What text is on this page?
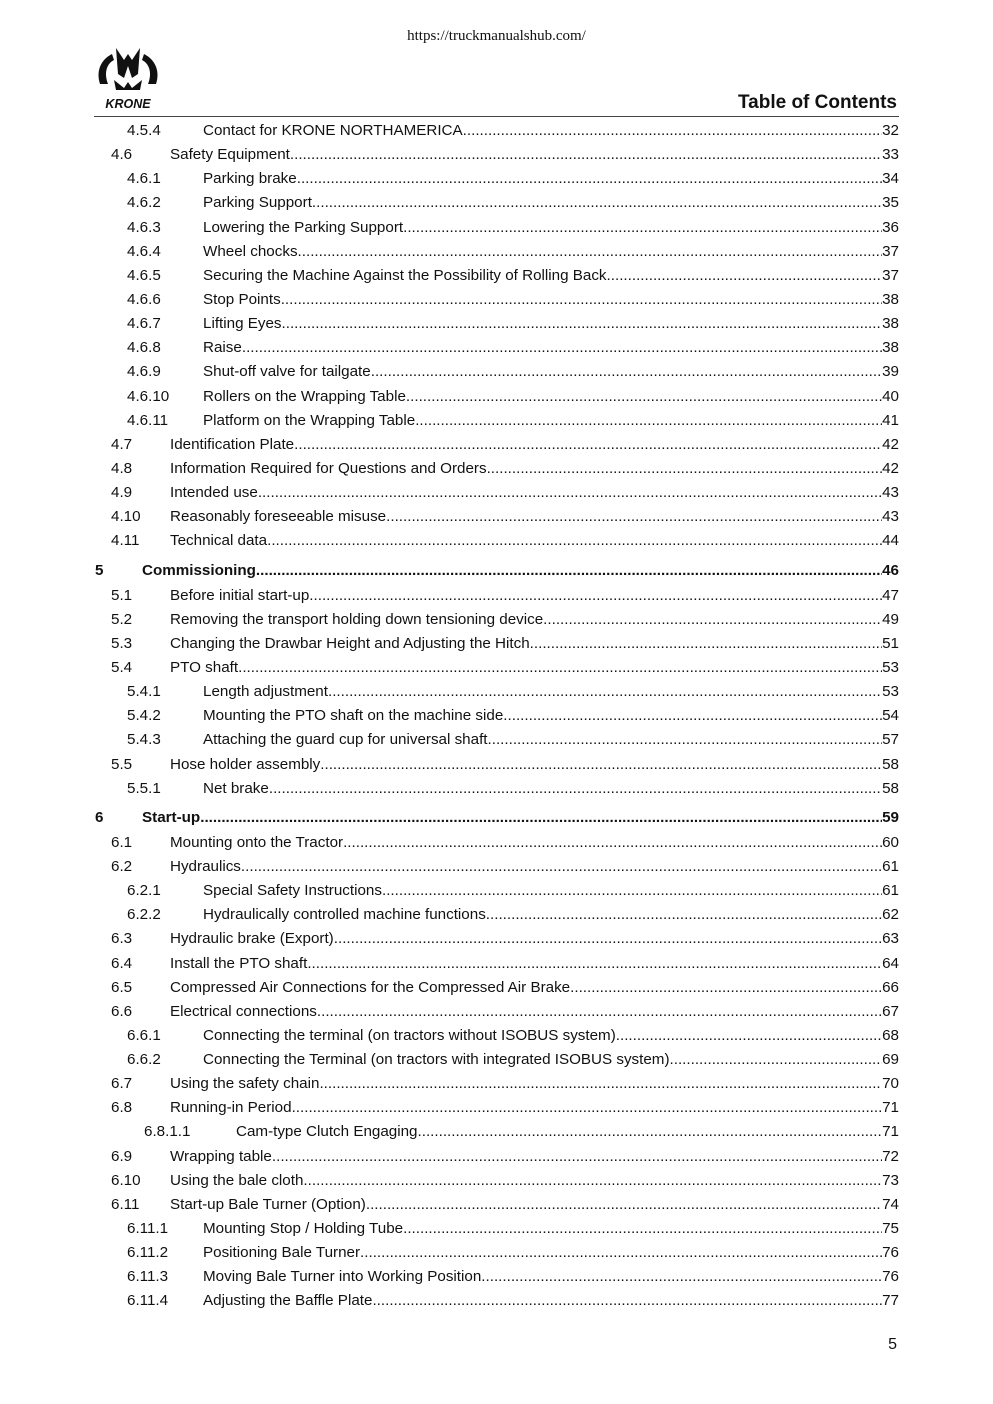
https://truckmanualshub.com/
KRONE	Table of Contents
4.5.4	Contact for KRONE NORTHAMERICA .....	32
4.6 Safety Equipment .....	33
4.6.1	Parking brake .....	34
4.6.2	Parking Support .....	35
4.6.3	Lowering the Parking Support .....	36
4.6.4	Wheel chocks .....	37
4.6.5	Securing the Machine Against the Possibility of Rolling Back .....	37
4.6.6	Stop Points .....	38
4.6.7	Lifting Eyes .....	38
4.6.8	Raise .....	38
4.6.9	Shut-off valve for tailgate .....	39
4.6.10 Rollers on the Wrapping Table .....	40
4.6.11 Platform on the Wrapping Table .....	41
4.7 Identification Plate .....	42
4.8 Information Required for Questions and Orders .....	42
4.9 Intended use .....	43
4.10 Reasonably foreseeable misuse .....	43
4.11 Technical data .....	44
5	Commissioning .....	46
5.1 Before initial start-up .....	47
5.2 Removing the transport holding down tensioning device .....	49
5.3 Changing the Drawbar Height and Adjusting the Hitch .....	51
5.4 PTO shaft .....	53
5.4.1	Length adjustment .....	53
5.4.2	Mounting the PTO shaft on the machine side .....	54
5.4.3	Attaching the guard cup for universal shaft .....	57
5.5 Hose holder assembly .....	58
5.5.1	Net brake .....	58
6	Start-up .....	59
6.1 Mounting onto the Tractor .....	60
6.2 Hydraulics .....	61
6.2.1	Special Safety Instructions .....	61
6.2.2	Hydraulically controlled machine functions .....	62
6.3 Hydraulic brake (Export) .....	63
6.4 Install the PTO shaft .....	64
6.5 Compressed Air Connections for the Compressed Air Brake .....	66
6.6 Electrical connections .....	67
6.6.1	Connecting the terminal (on tractors without ISOBUS system) .....	68
6.6.2	Connecting the Terminal (on tractors with integrated ISOBUS system) .....	69
6.7 Using the safety chain .....	70
6.8 Running-in Period .....	71
6.8.1.1	Cam-type Clutch Engaging .....	71
6.9 Wrapping table .....	72
6.10 Using the bale cloth .....	73
6.11 Start-up Bale Turner (Option) .....	74
6.11.1 Mounting Stop / Holding Tube .....	75
6.11.2 Positioning Bale Turner .....	76
6.11.3 Moving Bale Turner into Working Position .....	76
6.11.4 Adjusting the Baffle Plate .....	77
5
